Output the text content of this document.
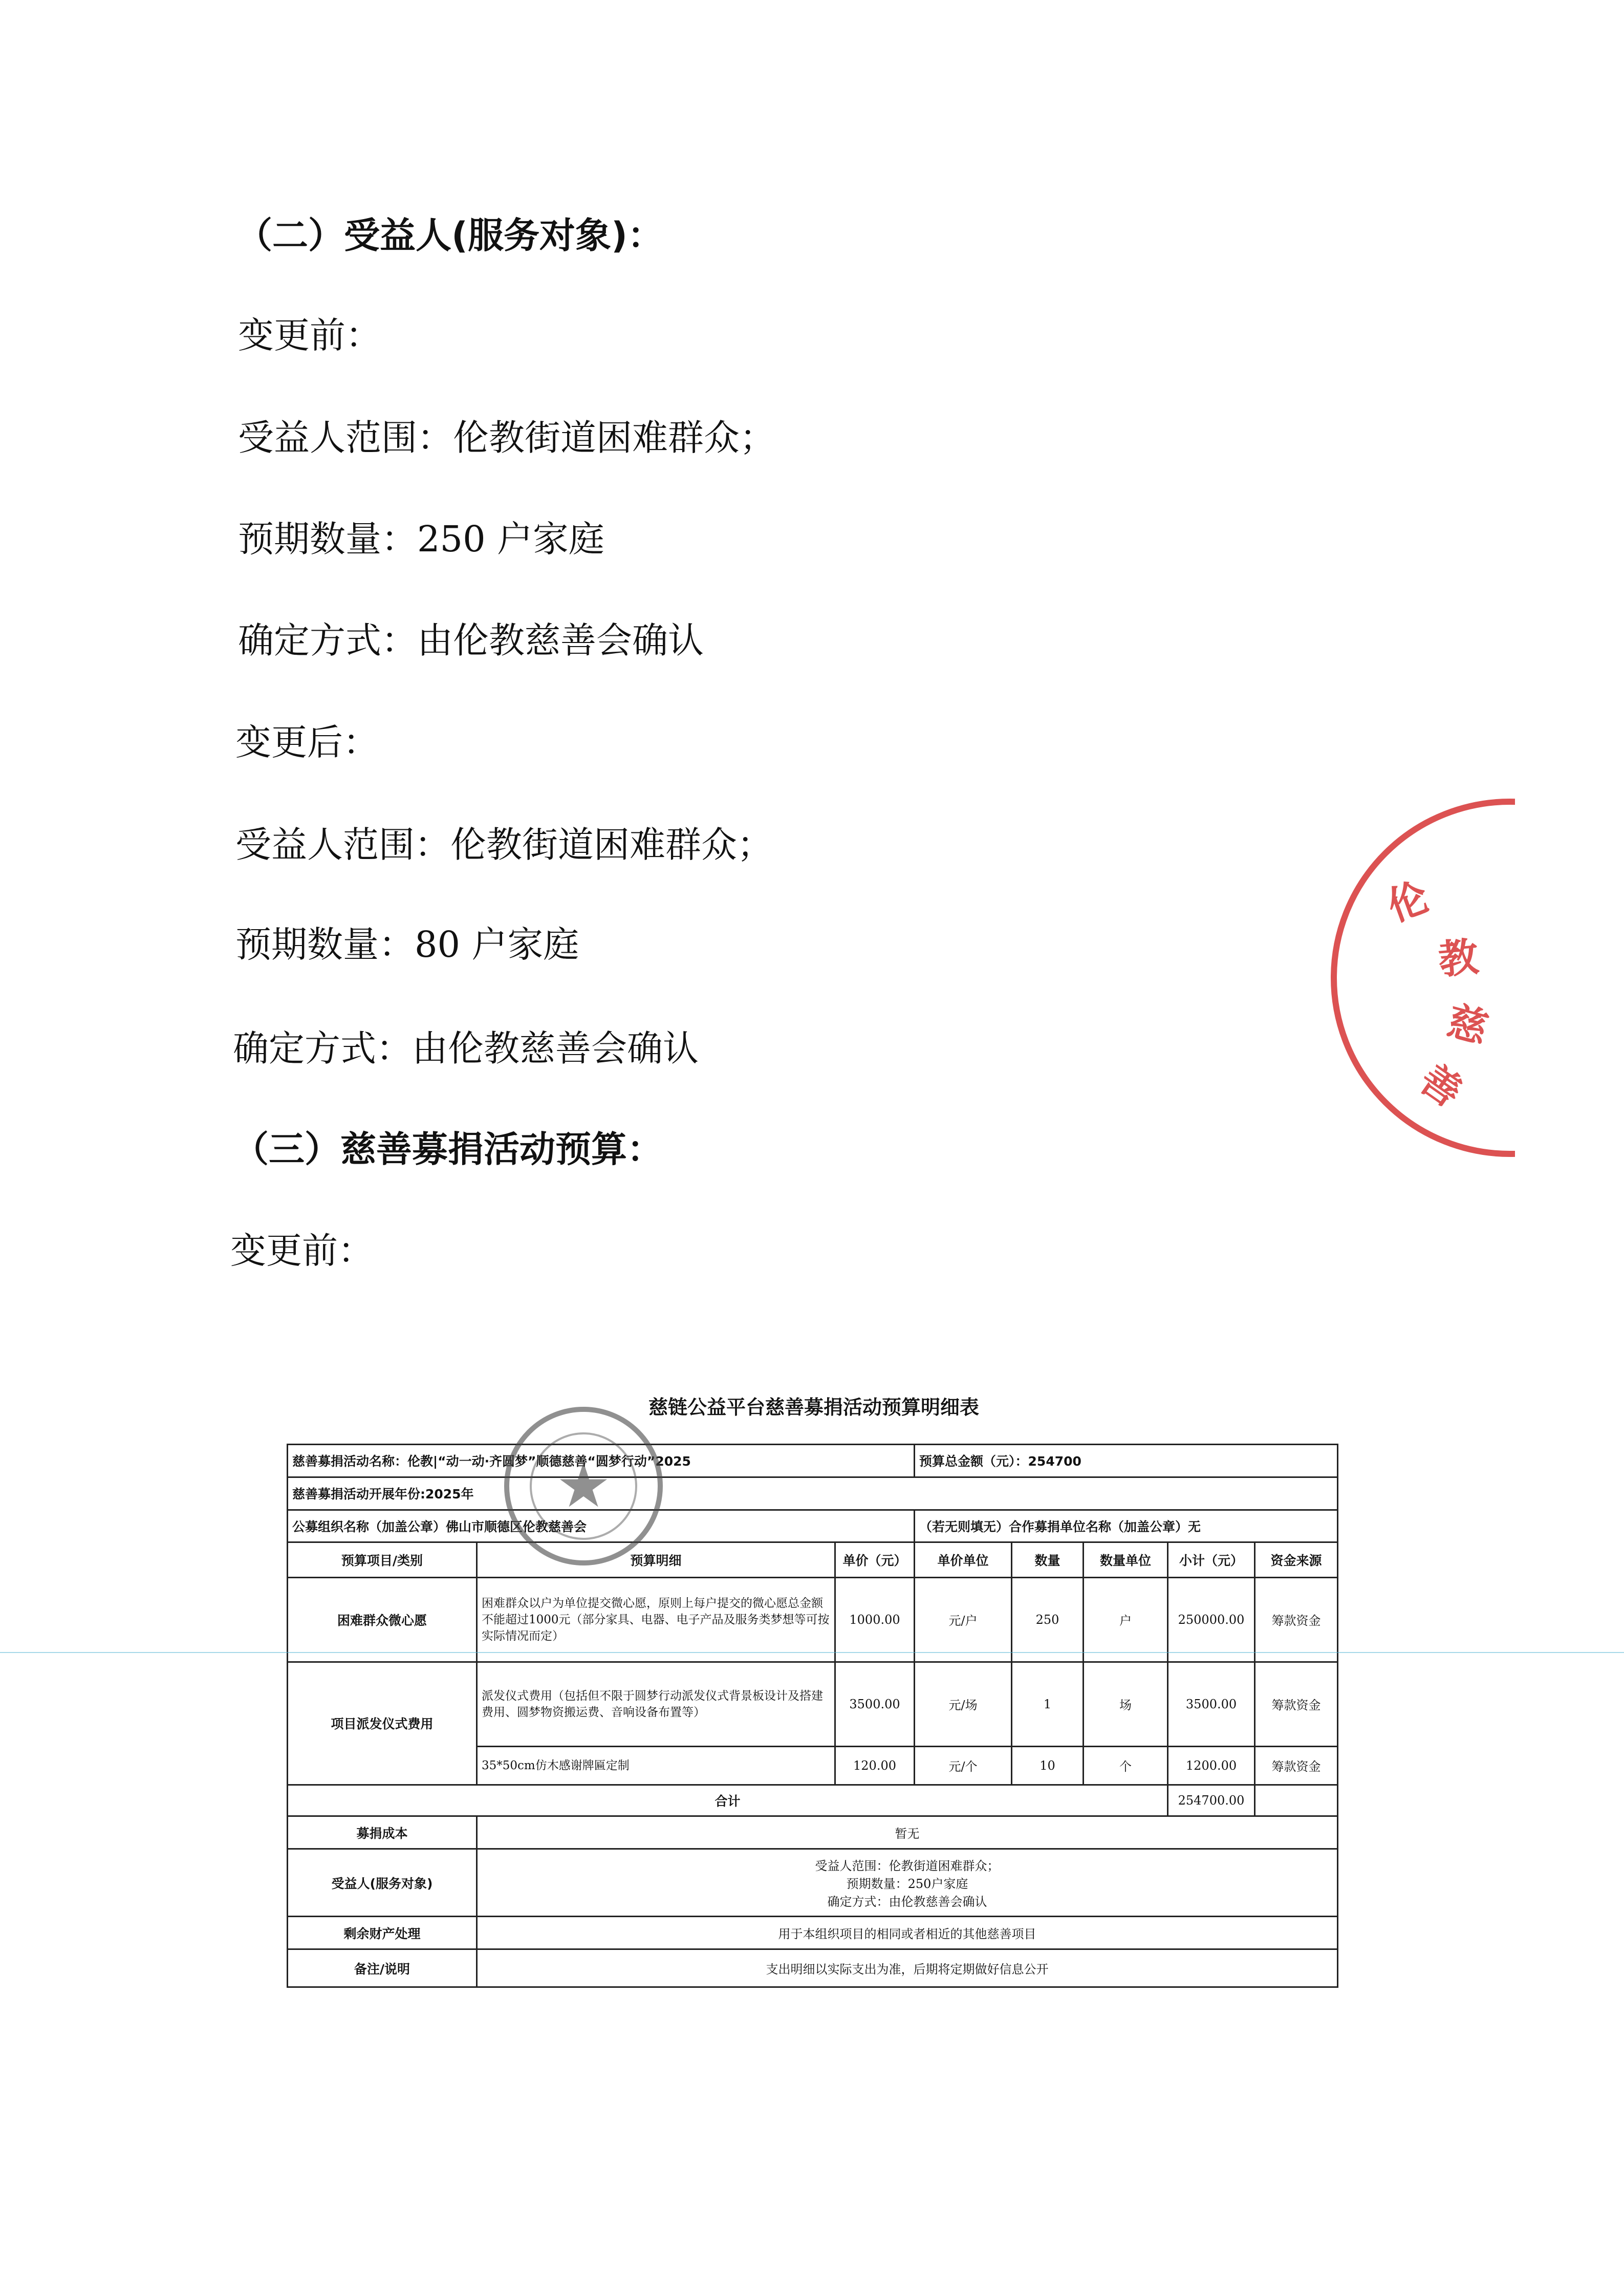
（二）受益人(服务对象)：
变更前：
受益人范围：伦教街道困难群众；
预期数量：250 户家庭
确定方式：由伦教慈善会确认
变更后：
受益人范围：伦教街道困难群众；
预期数量：80 户家庭
确定方式：由伦教慈善会确认
（三）慈善募捐活动预算：
变更前：
伦
教
慈
善
慈链公益平台慈善募捐活动预算明细表
慈善募捐活动名称：伦教|“动一动·齐圆梦”顺德慈善“圆梦行动”2025			预算总金额（元）：254700				
慈善募捐活动开展年份:2025年							
公募组织名称（加盖公章）佛山市顺德区伦教慈善会			（若无则填无）合作募捐单位名称（加盖公章）无				
预算项目/类别	预算明细	单价（元）	单价单位	数量	数量单位	小计（元）	资金来源
困难群众微心愿	困难群众以户为单位提交微心愿，原则上每户提交的微心愿总金额不能超过1000元（部分家具、电器、电子产品及服务类梦想等可按实际情况而定）	1000.00	元/户	250	户	250000.00	筹款资金
项目派发仪式费用	派发仪式费用（包括但不限于圆梦行动派发仪式背景板设计及搭建费用、圆梦物资搬运费、音响设备布置等）	3500.00	元/场	1	场	3500.00	筹款资金
	35*50cm仿木感谢牌匾定制	120.00	元/个	10	个	1200.00	筹款资金
合计						254700.00	
募捐成本	暂无						
受益人(服务对象)	受益人范围：伦教街道困难群众；
预期数量：250户家庭
确定方式：由伦教慈善会确认						
剩余财产处理	用于本组织项目的相同或者相近的其他慈善项目						
备注/说明	支出明细以实际支出为准，后期将定期做好信息公开						
★
